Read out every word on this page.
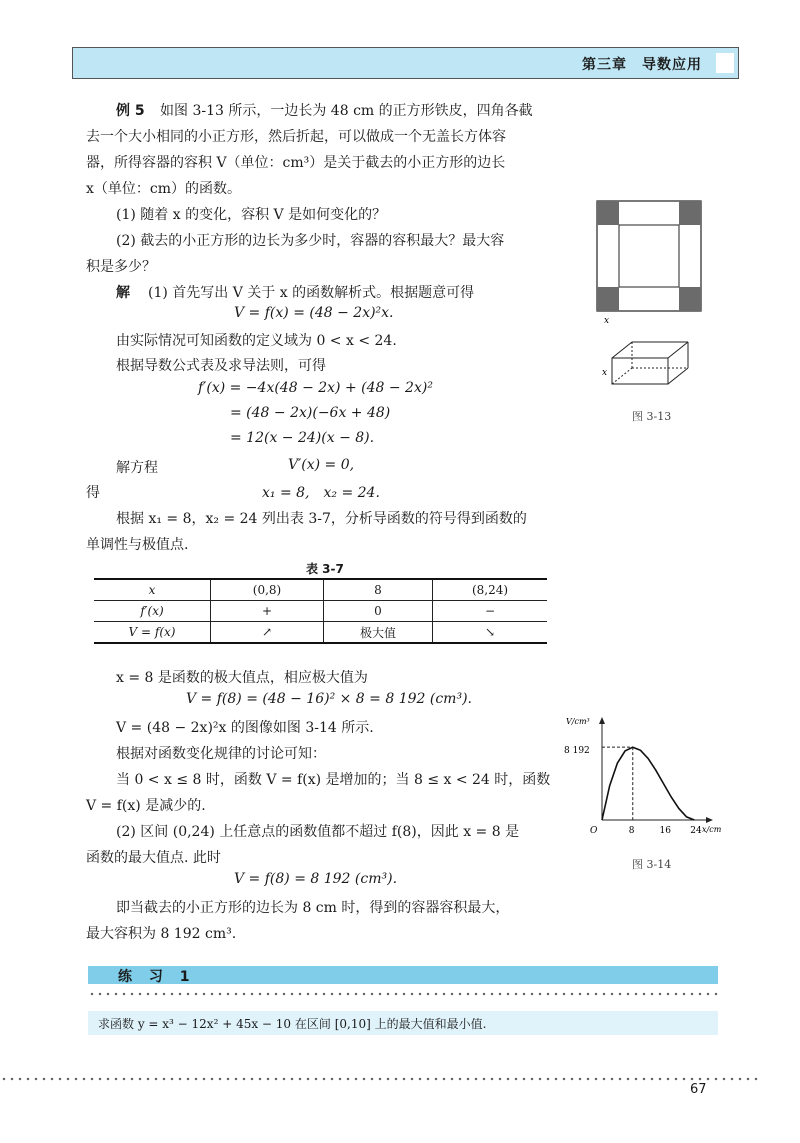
第三章　导数应用
例 5 如图 3-13 所示，一边长为 48 cm 的正方形铁皮，四角各截
去一个大小相同的小正方形，然后折起，可以做成一个无盖长方体容
器，所得容器的容积 V（单位：cm³）是关于截去的小正方形的边长
x（单位：cm）的函数。
(1) 随着 x 的变化，容积 V 是如何变化的？
(2) 截去的小正方形的边长为多少时，容器的容积最大？最大容
积是多少？
解 (1) 首先写出 V 关于 x 的函数解析式。根据题意可得
V = f(x) = (48 − 2x)²x.
由实际情况可知函数的定义域为 0 < x < 24.
根据导数公式表及求导法则，可得
f′(x) = −4x(48 − 2x) + (48 − 2x)²
= (48 − 2x)(−6x + 48)
= 12(x − 24)(x − 8).
解方程	V′(x) = 0,
得	x₁ = 8,　x₂ = 24.
根据 x₁ = 8，x₂ = 24 列出表 3-7，分析导函数的符号得到函数的
单调性与极值点.
表 3-7
x	(0,8)	8	(8,24)
f′(x)	+	0	−
V = f(x)	↗	极大值	↘
x = 8 是函数的极大值点，相应极大值为
V = f(8) = (48 − 16)² × 8 = 8 192 (cm³).
V = (48 − 2x)²x 的图像如图 3-14 所示.
根据对函数变化规律的讨论可知：
当 0 < x ≤ 8 时，函数 V = f(x) 是增加的；当 8 ≤ x < 24 时，函数
V = f(x) 是减少的.
(2) 区间 (0,24) 上任意点的函数值都不超过 f(8)，因此 x = 8 是
函数的最大值点. 此时
V = f(8) = 8 192 (cm³).
即当截去的小正方形的边长为 8 cm 时，得到的容器容积最大，
最大容积为 8 192 cm³.
x
x
图 3-13
V/cm³
x/cm
O
8 192
8	16 24
图 3-14
练 习 1
求函数 y = x³ − 12x² + 45x − 10 在区间 [0,10] 上的最大值和最小值.
67
